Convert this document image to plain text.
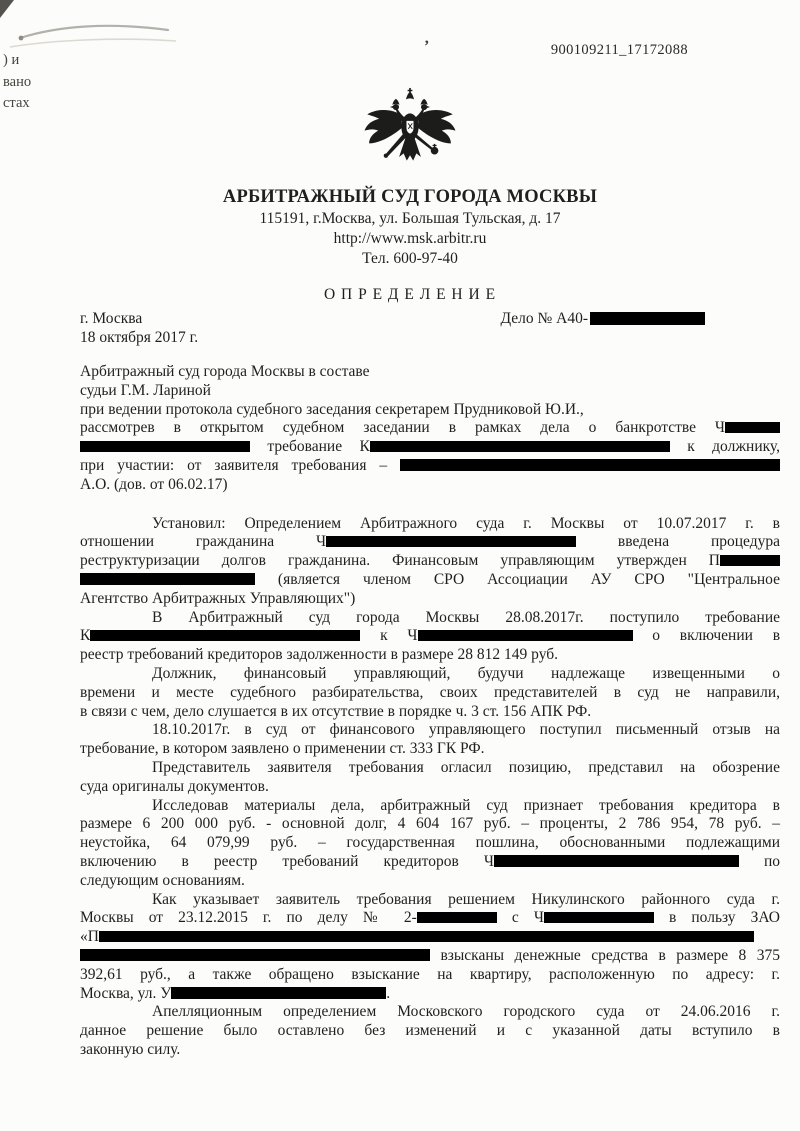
) и
вано
стах
900109211_17172088
’
АРБИТРАЖНЫЙ СУД ГОРОДА МОСКВЫ
115191, г.Москва, ул. Большая Тульская, д. 17
http://www.msk.arbitr.ru
Тел. 600-97-40
О П Р Е Д Е Л Е Н И Е
г. Москва	Дело № А40-
18 октября 2017 г.
Арбитражный суд города Москвы в составе
судьи Г.М. Лариной
при ведении протокола судебного заседания секретарем Прудниковой Ю.И.,
рассмотрев в открытом судебном заседании в рамках дела о банкротстве Ч
требование К	к должнику,
при участии: от заявителя требования –
А.О. (дов. от 06.02.17)
Установил: Определением Арбитражного суда г. Москвы от 10.07.2017 г. в
отношении гражданина Ч	введена процедура
реструктуризации долгов гражданина. Финансовым управляющим утвержден П
(является членом СРО Ассоциации АУ СРО "Центральное
Агентство Арбитражных Управляющих")
В Арбитражный суд города Москвы 28.08.2017г. поступило требование
К	к Ч	о включении в
реестр требований кредиторов задолженности в размере 28 812 149 руб.
Должник, финансовый управляющий, будучи надлежаще извещенными о
времени и месте судебного разбирательства, своих представителей в суд не направили,
в связи с чем, дело слушается в их отсутствие в порядке ч. 3 ст. 156 АПК РФ.
18.10.2017г. в суд от финансового управляющего поступил письменный отзыв на
требование, в котором заявлено о применении ст. 333 ГК РФ.
Представитель заявителя требования огласил позицию, представил на обозрение
суда оригиналы документов.
Исследовав материалы дела, арбитражный суд признает требования кредитора в
размере 6 200 000 руб. - основной долг, 4 604 167 руб. – проценты, 2 786 954, 78 руб. –
неустойка, 64 079,99 руб. – государственная пошлина, обоснованными подлежащими
включению в реестр требований кредиторов Ч	по
следующим основаниям.
Как указывает заявитель требования решением Никулинского районного суда г.
Москвы от 23.12.2015 г. по делу № 2-	с Ч	в пользу ЗАО
«П
взысканы денежные средства в размере 8 375
392,61 руб., а также обращено взыскание на квартиру, расположенную по адресу: г.
Москва, ул. У	.
Апелляционным определением Московского городского суда от 24.06.2016 г.
данное решение было оставлено без изменений и с указанной даты вступило в
законную силу.
